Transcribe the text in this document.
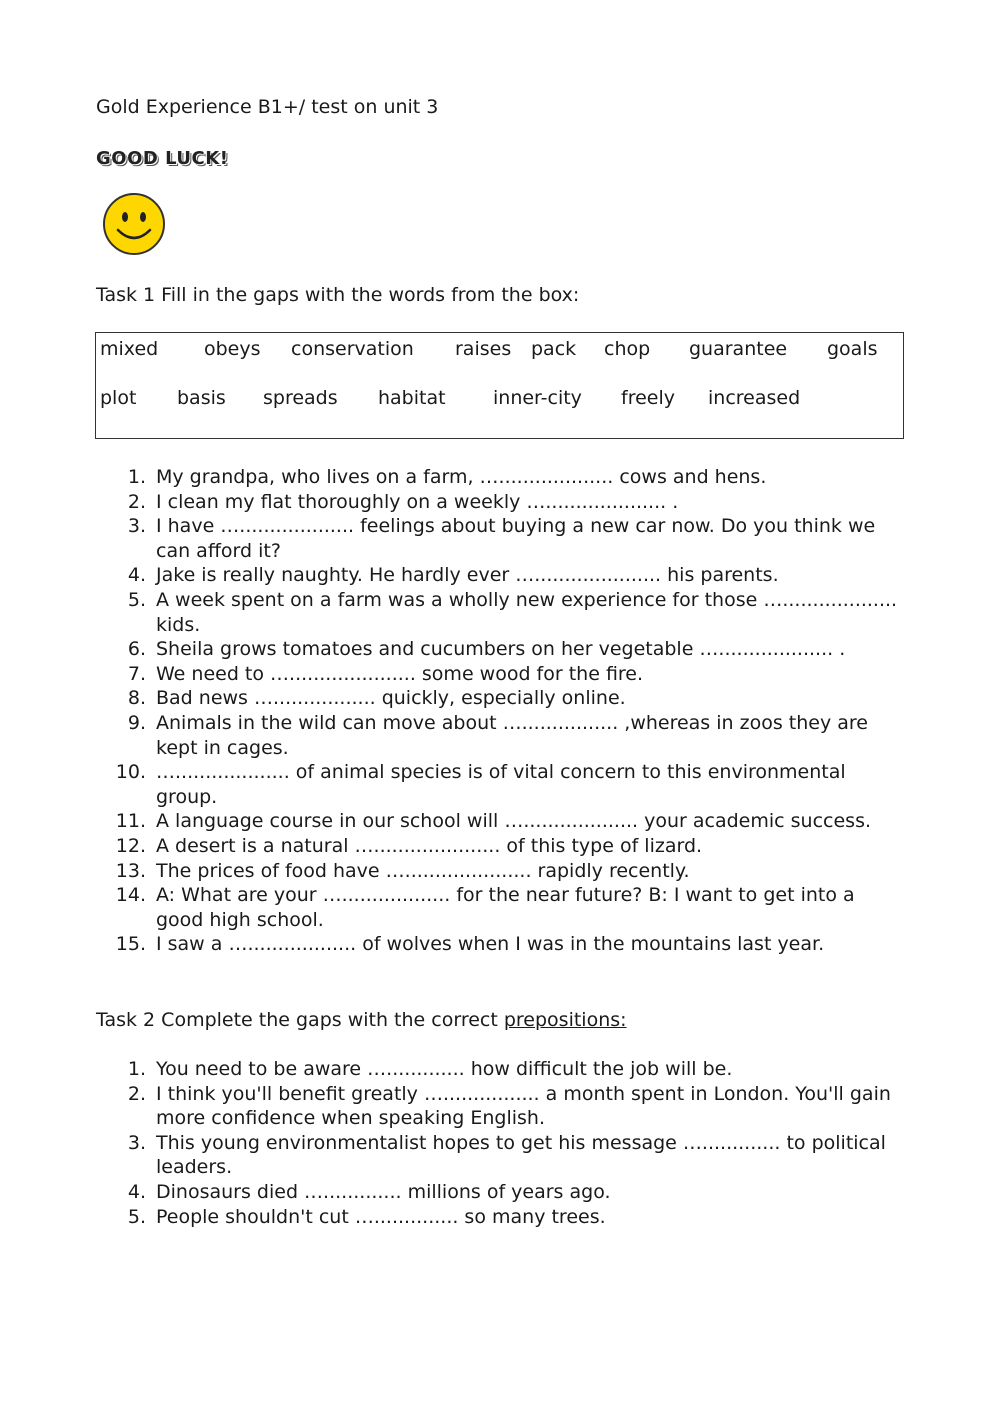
Gold Experience B1+/ test on unit 3
GOOD LUCK!
Task 1 Fill in the gaps with the words from the box:
mixed obeys conservation raises pack chop guarantee goals
plot basis spreads habitat inner-city freely increased
1. My grandpa, who lives on a farm, …................... cows and hens.
2. I clean my flat thoroughly on a weekly ….................... .
3. I have …................... feelings about buying a new car now. Do you think we can afford it?
4. Jake is really naughty. He hardly ever …..................... his parents.
5. A week spent on a farm was a wholly new experience for those …................... kids.
6. Sheila grows tomatoes and cucumbers on her vegetable …................... .
7. We need to …..................... some wood for the fire.
8. Bad news …................. quickly, especially online.
9. Animals in the wild can move about …................ ,whereas in zoos they are kept in cages.
10. …................... of animal species is of vital concern to this environmental group.
11. A language course in our school will …................... your academic success.
12. A desert is a natural …..................... of this type of lizard.
13. The prices of food have …..................... rapidly recently.
14. A: What are your ….................. for the near future? B: I want to get into a good high school.
15. I saw a ….................. of wolves when I was in the mountains last year.
Task 2 Complete the gaps with the correct prepositions:
1. You need to be aware …............. how difficult the job will be.
2. I think you'll benefit greatly …................ a month spent in London. You'll gain more confidence when speaking English.
3. This young environmentalist hopes to get his message …............. to political leaders.
4. Dinosaurs died …............. millions of years ago.
5. People shouldn't cut ….............. so many trees.
